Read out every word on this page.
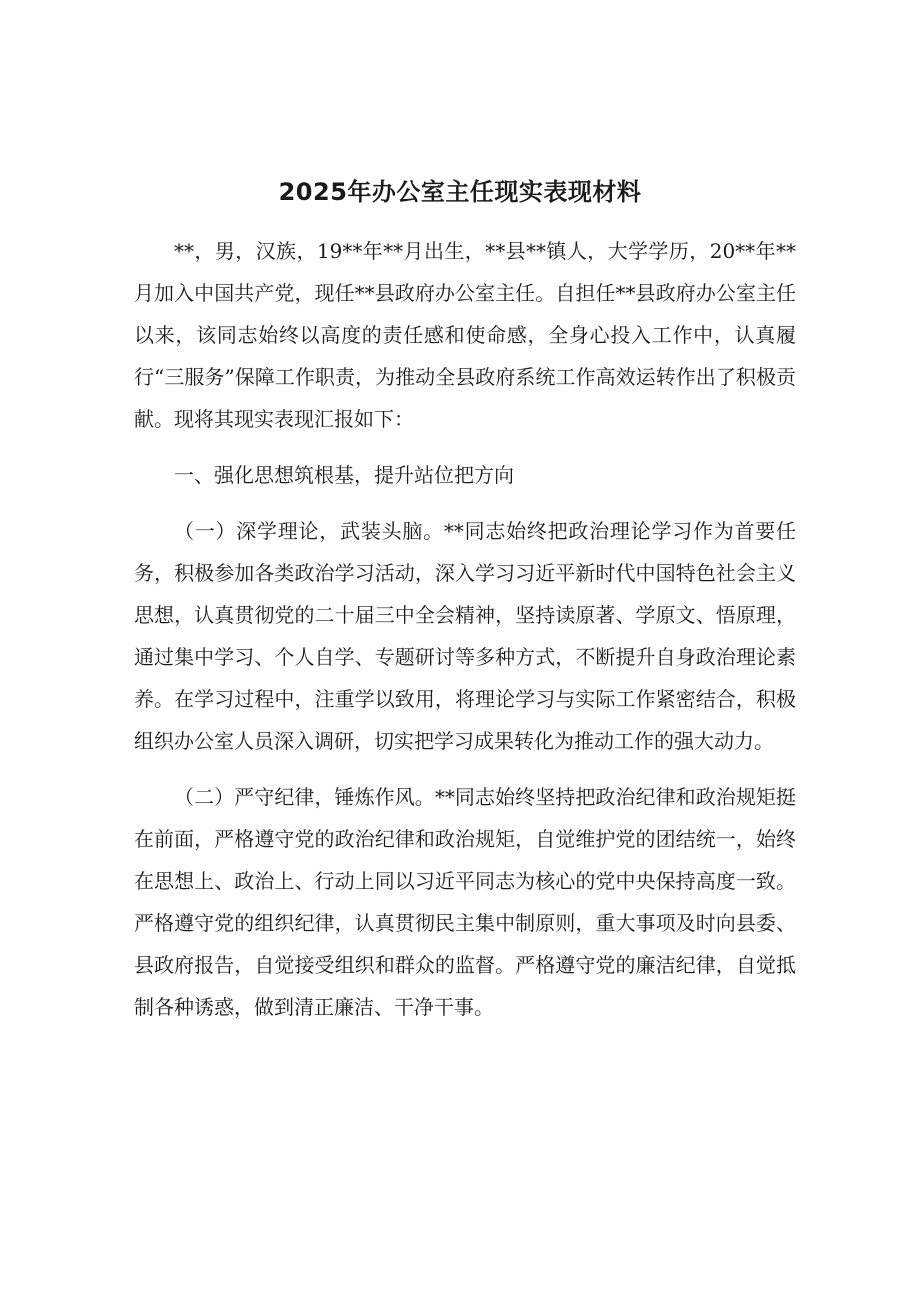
2025年办公室主任现实表现材料

**，男，汉族，19**年**月出生，**县**镇人，大学学历，20**年**月加入中国共产党，现任**县政府办公室主任。自担任**县政府办公室主任以来，该同志始终以高度的责任感和使命感，全身心投入工作中，认真履行“三服务”保障工作职责，为推动全县政府系统工作高效运转作出了积极贡献。现将其现实表现汇报如下：

一、强化思想筑根基，提升站位把方向

（一）深学理论，武装头脑。**同志始终把政治理论学习作为首要任务，积极参加各类政治学习活动，深入学习习近平新时代中国特色社会主义思想，认真贯彻党的二十届三中全会精神，坚持读原著、学原文、悟原理，通过集中学习、个人自学、专题研讨等多种方式，不断提升自身政治理论素养。在学习过程中，注重学以致用，将理论学习与实际工作紧密结合，积极组织办公室人员深入调研，切实把学习成果转化为推动工作的强大动力。

（二）严守纪律，锤炼作风。**同志始终坚持把政治纪律和政治规矩挺在前面，严格遵守党的政治纪律和政治规矩，自觉维护党的团结统一，始终在思想上、政治上、行动上同以习近平同志为核心的党中央保持高度一致。严格遵守党的组织纪律，认真贯彻民主集中制原则，重大事项及时向县委、县政府报告，自觉接受组织和群众的监督。严格遵守党的廉洁纪律，自觉抵制各种诱惑，做到清正廉洁、干净干事。
